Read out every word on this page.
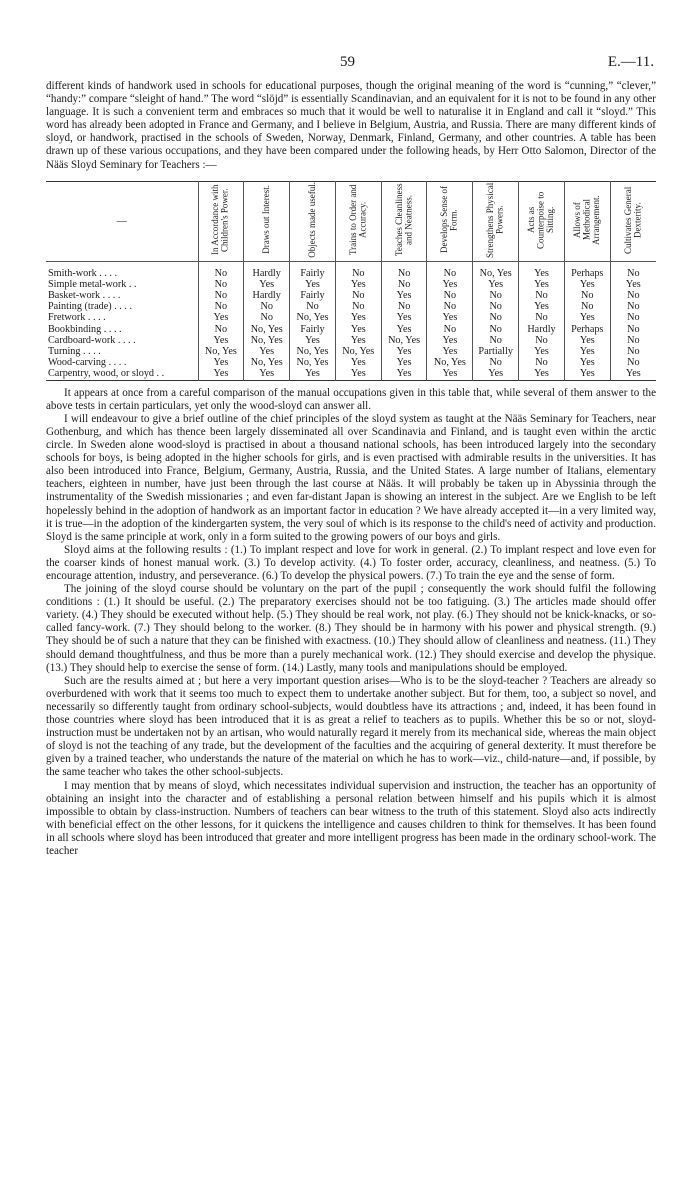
59	E.—11.

different kinds of handwork used in schools for educational purposes, though the original meaning of the word is “cunning,” “clever,” “handy:” compare “sleight of hand.” The word “slöjd” is essentially Scandinavian, and an equivalent for it is not to be found in any other language. It is such a convenient term and embraces so much that it would be well to naturalise it in England and call it “sloyd.” This word has already been adopted in France and Germany, and I believe in Belgium, Austria, and Russia. There are many different kinds of sloyd, or handwork, practised in the schools of Sweden, Norway, Denmark, Finland, Germany, and other countries. A table has been drawn up of these various occupations, and they have been compared under the following heads, by Herr Otto Salomon, Director of the Nääs Sloyd Seminary for Teachers :—

—	In Accordance with Children's Power.	Draws out Interest.	Objects made useful.	Trains to Order and Accuracy.	Teaches Cleanliness and Neatness.	Develops Sense of Form.	Strengthens Physical Powers.	Acts as Counterpoise to Sitting.	Allows of Methodical Arrangement.	Cultivates General Dexterity.
Smith-work . . . .	No	Hardly	Fairly	No	No	No	No, Yes	Yes	Perhaps	No
Simple metal-work . .	No	Yes	Yes	Yes	No	Yes	Yes	Yes	Yes	Yes
Basket-work . . . .	No	Hardly	Fairly	No	Yes	No	No	No	No	No
Painting (trade) . . . .	No	No	No	No	No	No	No	Yes	No	No
Fretwork . . . .	Yes	No	No, Yes	Yes	Yes	Yes	No	No	Yes	No
Bookbinding . . . .	No	No, Yes	Fairly	Yes	Yes	No	No	Hardly	Perhaps	No
Cardboard-work . . . .	Yes	No, Yes	Yes	Yes	No, Yes	Yes	No	No	Yes	No
Turning . . . .	No, Yes	Yes	No, Yes	No, Yes	Yes	Yes	Partially	Yes	Yes	No
Wood-carving . . . .	Yes	No, Yes	No, Yes	Yes	Yes	No, Yes	No	No	Yes	No
Carpentry, wood, or sloyd . .	Yes	Yes	Yes	Yes	Yes	Yes	Yes	Yes	Yes	Yes

It appears at once from a careful comparison of the manual occupations given in this table that, while several of them answer to the above tests in certain particulars, yet only the wood-sloyd can answer all.

I will endeavour to give a brief outline of the chief principles of the sloyd system as taught at the Nääs Seminary for Teachers, near Gothenburg, and which has thence been largely disseminated all over Scandinavia and Finland, and is taught even within the arctic circle. In Sweden alone wood-sloyd is practised in about a thousand national schools, has been introduced largely into the secondary schools for boys, is being adopted in the higher schools for girls, and is even practised with admirable results in the universities. It has also been introduced into France, Belgium, Germany, Austria, Russia, and the United States. A large number of Italians, elementary teachers, eighteen in number, have just been through the last course at Nääs. It will probably be taken up in Abyssinia through the instrumentality of the Swedish missionaries ; and even far-distant Japan is showing an interest in the subject. Are we English to be left hopelessly behind in the adoption of handwork as an important factor in education ? We have already accepted it—in a very limited way, it is true—in the adoption of the kindergarten system, the very soul of which is its response to the child's need of activity and production. Sloyd is the same principle at work, only in a form suited to the growing powers of our boys and girls.

Sloyd aims at the following results : (1.) To implant respect and love for work in general. (2.) To implant respect and love even for the coarser kinds of honest manual work. (3.) To develop activity. (4.) To foster order, accuracy, cleanliness, and neatness. (5.) To encourage attention, industry, and perseverance. (6.) To develop the physical powers. (7.) To train the eye and the sense of form.

The joining of the sloyd course should be voluntary on the part of the pupil ; consequently the work should fulfil the following conditions : (1.) It should be useful. (2.) The preparatory exercises should not be too fatiguing. (3.) The articles made should offer variety. (4.) They should be executed without help. (5.) They should be real work, not play. (6.) They should not be knick-knacks, or so-called fancy-work. (7.) They should belong to the worker. (8.) They should be in harmony with his power and physical strength. (9.) They should be of such a nature that they can be finished with exactness. (10.) They should allow of cleanliness and neatness. (11.) They should demand thoughtfulness, and thus be more than a purely mechanical work. (12.) They should exercise and develop the physique. (13.) They should help to exercise the sense of form. (14.) Lastly, many tools and manipulations should be employed.

Such are the results aimed at ; but here a very important question arises—Who is to be the sloyd-teacher ? Teachers are already so overburdened with work that it seems too much to expect them to undertake another subject. But for them, too, a subject so novel, and necessarily so differently taught from ordinary school-subjects, would doubtless have its attractions ; and, indeed, it has been found in those countries where sloyd has been introduced that it is as great a relief to teachers as to pupils. Whether this be so or not, sloyd-instruction must be undertaken not by an artisan, who would naturally regard it merely from its mechanical side, whereas the main object of sloyd is not the teaching of any trade, but the development of the faculties and the acquiring of general dexterity. It must therefore be given by a trained teacher, who understands the nature of the material on which he has to work—viz., child-nature—and, if possible, by the same teacher who takes the other school-subjects.

I may mention that by means of sloyd, which necessitates individual supervision and instruction, the teacher has an opportunity of obtaining an insight into the character and of establishing a personal relation between himself and his pupils which it is almost impossible to obtain by class-instruction. Numbers of teachers can bear witness to the truth of this statement. Sloyd also acts indirectly with beneficial effect on the other lessons, for it quickens the intelligence and causes children to think for themselves. It has been found in all schools where sloyd has been introduced that greater and more intelligent progress has been made in the ordinary school-work. The teacher
